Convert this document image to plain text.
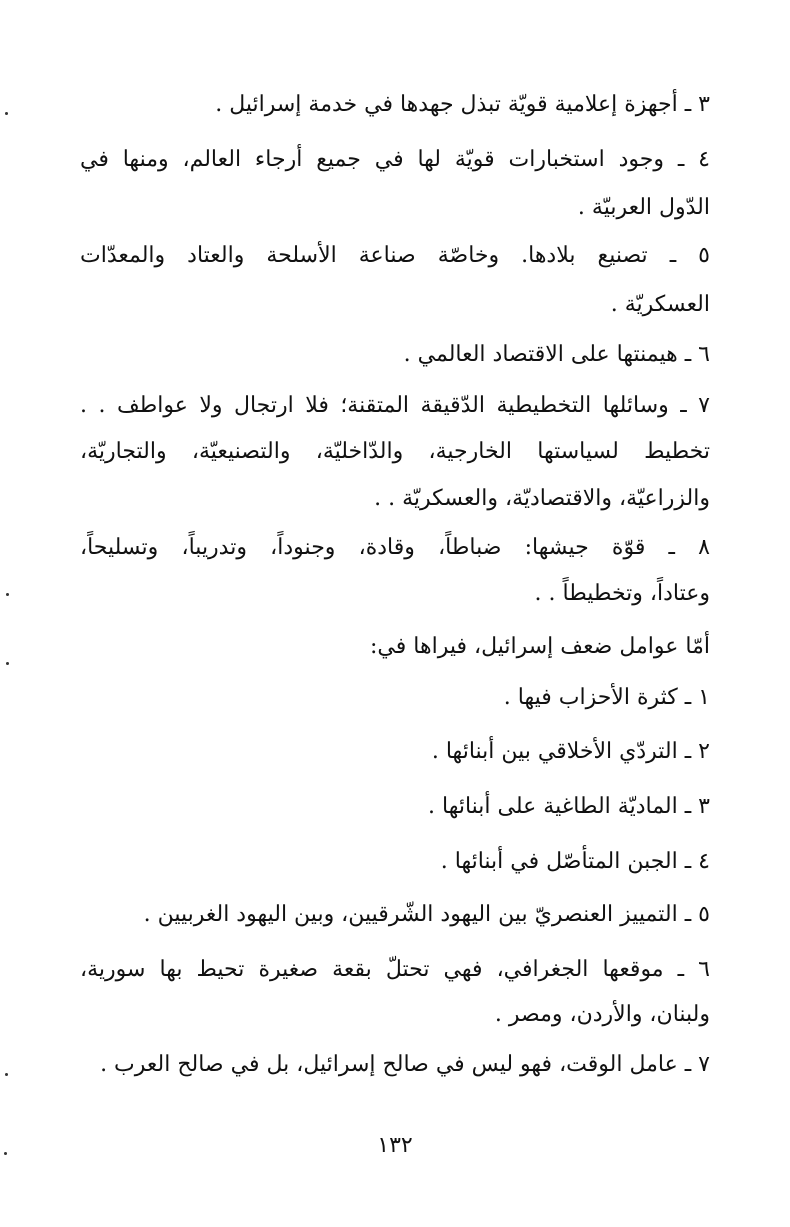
٣ ـ أجهزة إعلامية قويّة تبذل جهدها في خدمة إسرائيل .
٤ ـ وجود استخبارات قويّة لها في جميع أرجاء العالم، ومنها في
الدّول العربيّة .
٥ ـ تصنيع بلادها. وخاصّة صناعة الأسلحة والعتاد والمعدّات
العسكريّة .
٦ ـ هيمنتها على الاقتصاد العالمي .
٧ ـ وسائلها التخطيطية الدّقيقة المتقنة؛ فلا ارتجال ولا عواطف . .
تخطيط لسياستها الخارجية، والدّاخليّة، والتصنيعيّة، والتجاريّة،
والزراعيّة، والاقتصاديّة، والعسكريّة . .
٨ ـ قوّة جيشها: ضباطاً، وقادة، وجنوداً، وتدريباً، وتسليحاً،
وعتاداً، وتخطيطاً . .
أمّا عوامل ضعف إسرائيل، فيراها في:
١ ـ كثرة الأحزاب فيها .
٢ ـ التردّي الأخلاقي بين أبنائها .
٣ ـ الماديّة الطاغية على أبنائها .
٤ ـ الجبن المتأصّل في أبنائها .
٥ ـ التمييز العنصريّ بين اليهود الشّرقيين، وبين اليهود الغربيين .
٦ ـ موقعها الجغرافي، فهي تحتلّ بقعة صغيرة تحيط بها سورية،
ولبنان، والأردن، ومصر .
٧ ـ عامل الوقت، فهو ليس في صالح إسرائيل، بل في صالح العرب .
١٣٢
